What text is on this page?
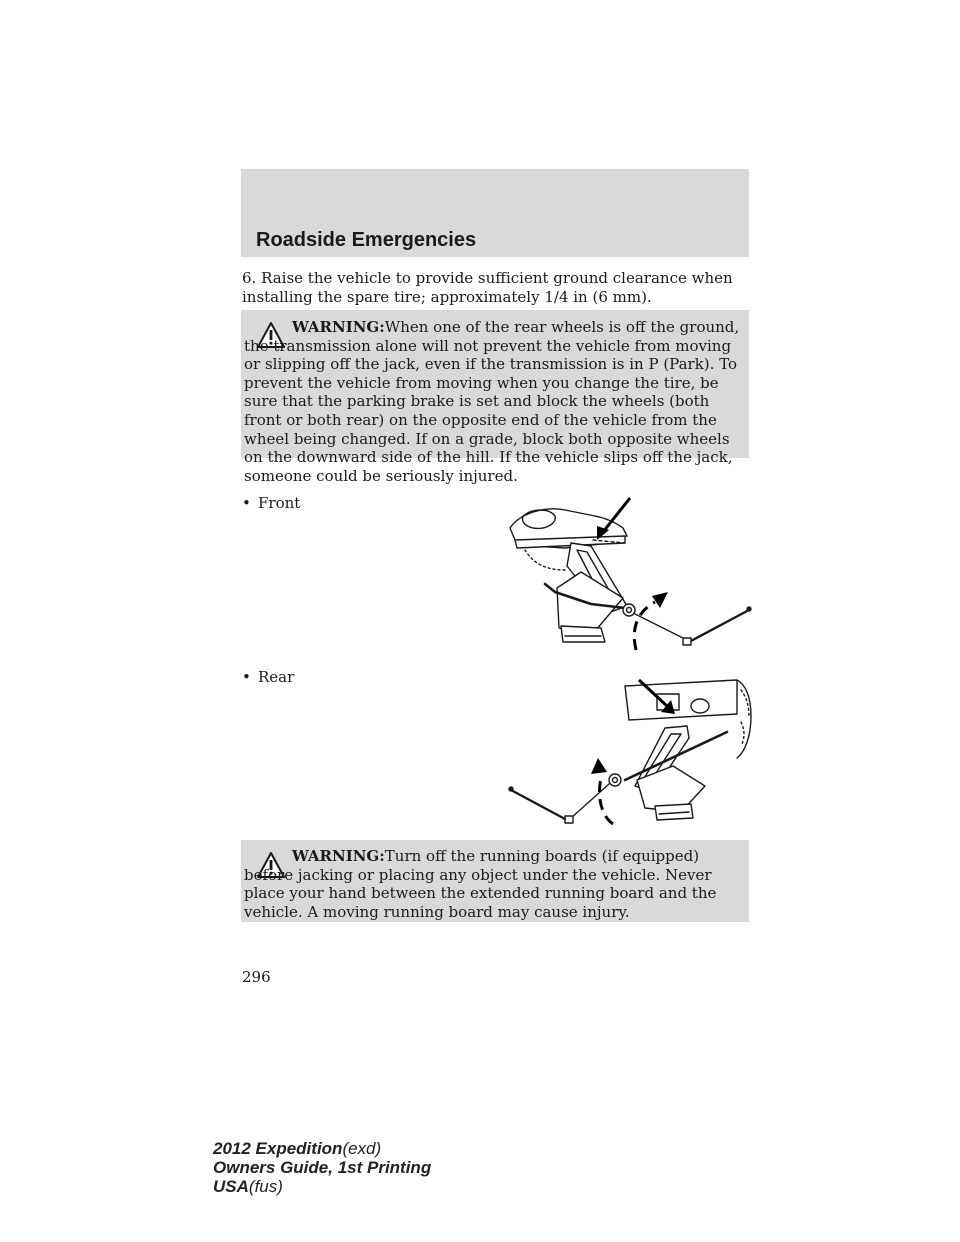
Roadside Emergencies
6. Raise the vehicle to provide sufficient ground clearance when
installing the spare tire; approximately 1/4 in (6 mm).
WARNING:When one of the rear wheels is off the ground, the transmission alone will not prevent the vehicle from moving or slipping off the jack, even if the transmission is in P (Park). To prevent the vehicle from moving when you change the tire, be sure that the parking brake is set and block the wheels (both front or both rear) on the opposite end of the vehicle from the wheel being changed. If on a grade, block both opposite wheels on the downward side of the hill. If the vehicle slips off the jack, someone could be seriously injured.
• Front
• Rear
WARNING:Turn off the running boards (if equipped) before jacking or placing any object under the vehicle. Never place your hand between the extended running board and the vehicle. A moving running board may cause injury.
296
2012 Expedition(exd)
Owners Guide, 1st Printing
USA(fus)
